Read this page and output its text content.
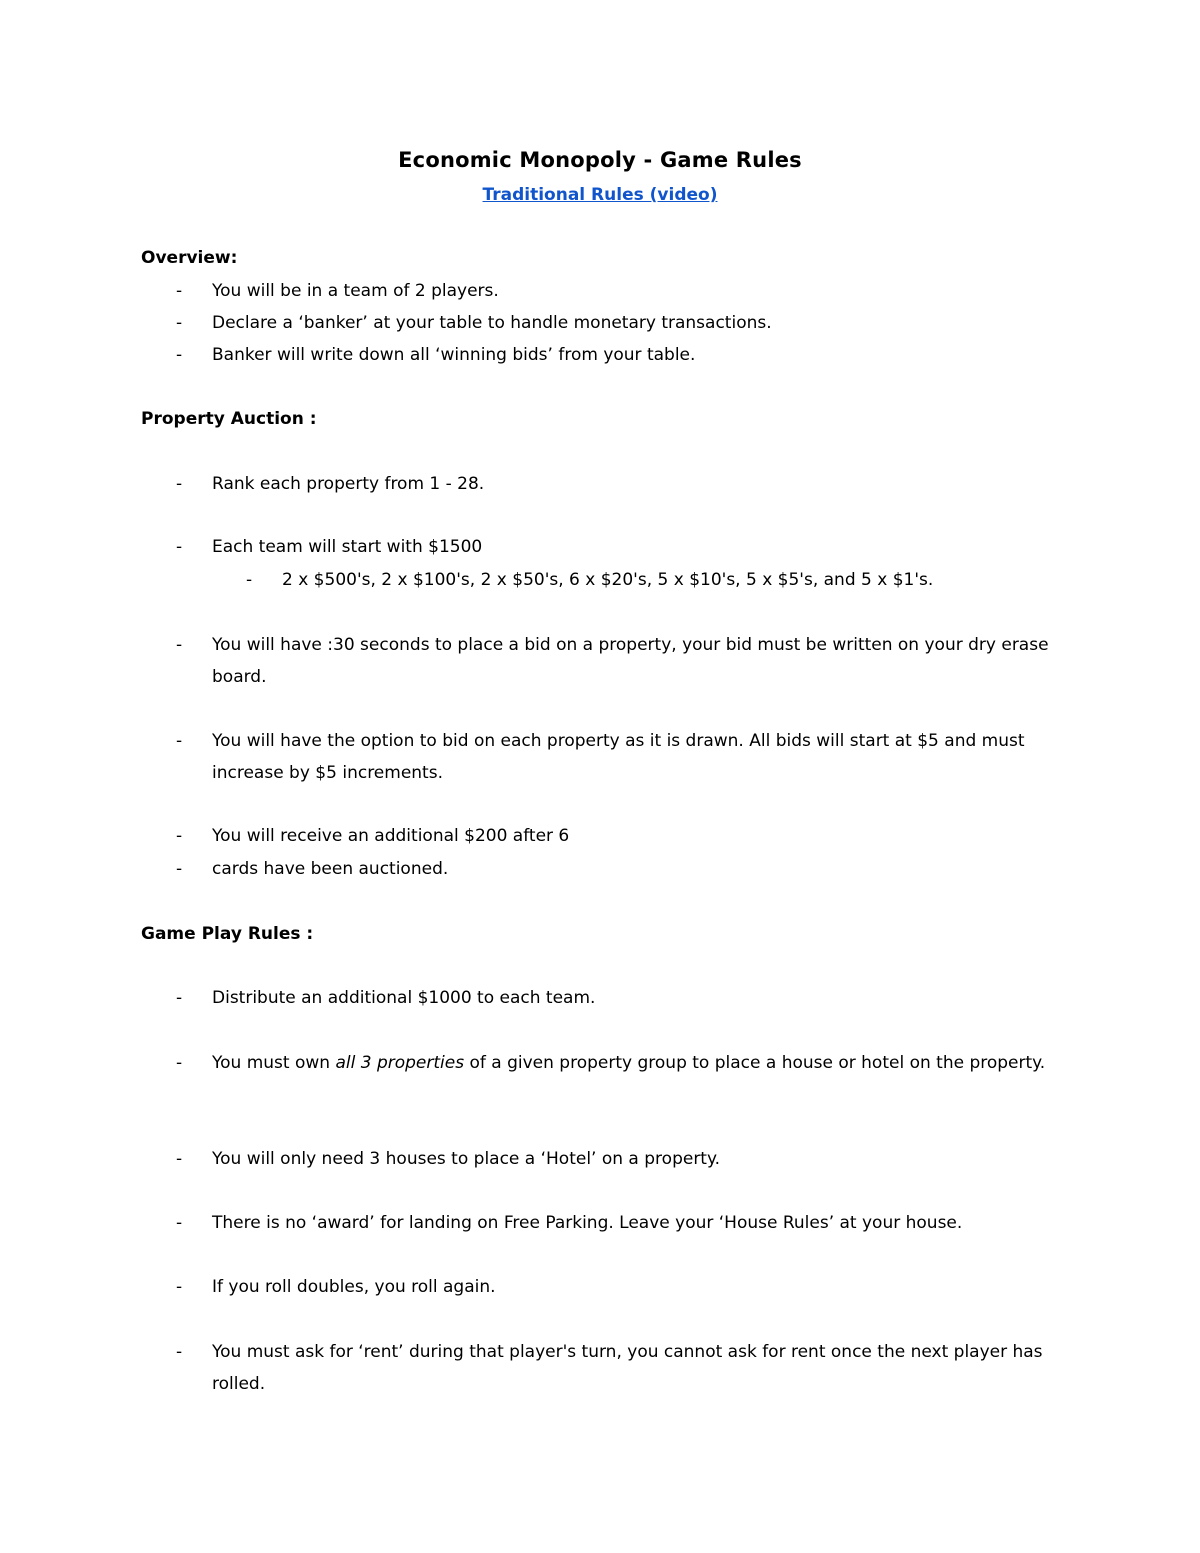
Economic Monopoly - Game Rules
Traditional Rules (video)
Overview:
- You will be in a team of 2 players.
- Declare a ‘banker’ at your table to handle monetary transactions.
- Banker will write down all ‘winning bids’ from your table.
Property Auction :
- Rank each property from 1 - 28.
- Each team will start with $1500
- 2 x $500's, 2 x $100's, 2 x $50's, 6 x $20's, 5 x $10's, 5 x $5's, and 5 x $1's.
- You will have :30 seconds to place a bid on a property, your bid must be written on your dry erase board.
- You will have the option to bid on each property as it is drawn. All bids will start at $5 and must increase by $5 increments.
- You will receive an additional $200 after 6
- cards have been auctioned.
Game Play Rules :
- Distribute an additional $1000 to each team.
- You must own all 3 properties of a given property group to place a house or hotel on the property.
- You will only need 3 houses to place a ‘Hotel’ on a property.
- There is no ‘award’ for landing on Free Parking. Leave your ‘House Rules’ at your house.
- If you roll doubles, you roll again.
- You must ask for ‘rent’ during that player's turn, you cannot ask for rent once the next player has rolled.
